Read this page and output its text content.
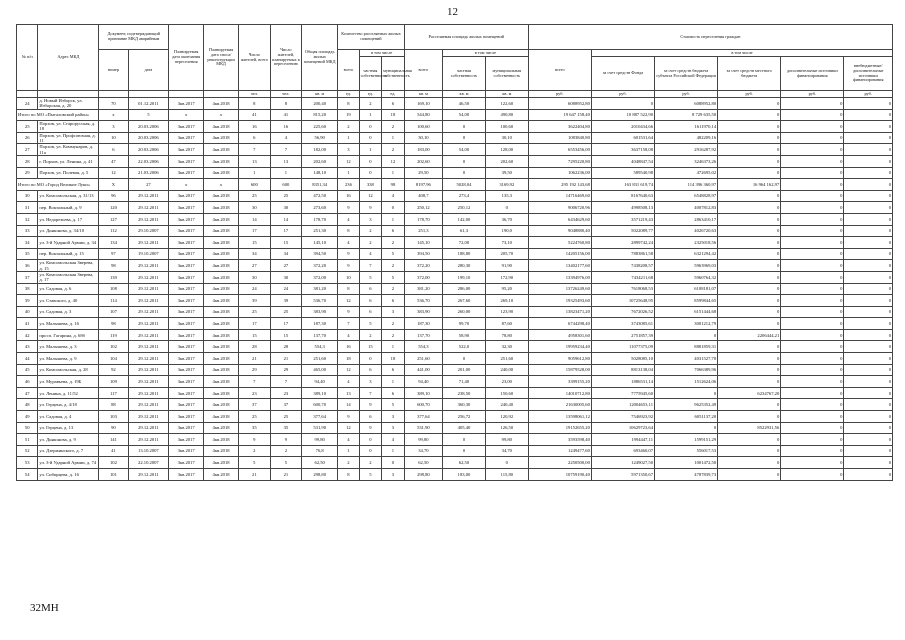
12
№ п/п	Адрес МКД	Документ, подтверждающий признание МКД аварийным		Планируемая дата окончания переселения	Планируемая дата сноса/реконструкции МКД	Число жителей, всего	Число жителей, планируемых к переселению	Общая площадь жилых помещений МКД	Количество расселяемых жилых помещений			Расселяемая площадь жилых помещений			Стоимость переселения граждан					
		номер	дата						всего	в том числе		всего	в том числе		всего	в том числе				
										частная собственность	муниципальная собственность		частная собственность	муниципальная собственность		за счет средств Фонда	за счет средств бюджета субъекта Российской Федерации	за счет средств местного бюджета	дополнительные источники финансирования	внебюджетные/дополнительные источники финансирования
						чел.	чел.	кв. м	ед.	ед.	ед.	кв. м	кв. м	кв. м	руб.	руб.	руб.	руб.	руб.	руб.
24	д. Новый Изборск, ул. Изборская, д. 20	70	01.12.2011	3кв.2017	4кв.2018	8	8	200,40	8	2	6	169,10	46,50	122,60	6088952,80	0	6088952,80	0	0	0
Итого по МО «Пыталовский район»		x	5	x	x	41	41	815,20	19	1	18	544,80	54,00	490,80	19 647 158,40	10 887 522,90	8 729 635,50	0	0	0
25	Порхов, ул. Старорусская, д. 18	3	20.03.2006	3кв.2017	4кв.2018	16	16	225,60	2	0	2	100,60	0	100,60	3622404,80	2010434,66	1611970,14	0	0	0
26	Порхов, ул. Профсоюзная, д. 11	10	20.03.2006	3кв.2017	4кв.2018	6	4	56,90	1	0	1	30,10	0	30,10	1083840,80	601531,64	482209,16	0	0	0
27	Порхов, ул. Коммунаров, д. 11а	6	20.03.2006	3кв.2017	4кв.2018	7	7	182,00	3	1	2	183,00	54,00	128,00	6553456,00	3637158,08	2916287,92	0	0	0
28	г. Порхов, ул. Ленина, д. 41	47	22.03.2006	3кв.2017	4кв.2018	13	13	202,60	12	0	12	202,60	0	202,60	7295220,80	4048847,54	3246373,26	0	0	0
29	Порхов, ул. Полевая, д. 5	12	21.03.2006	3кв.2017	4кв.2018	1	1	148,10	1	0	1	29,50	0	39,50	1062236,00	589540,98	472695,02	0	0	0
Итого по МО «Город Великие Луки»		X	27	x	x	600	600	8351,34	236	338	98	8197,96	5028,04	3169,92	295 192 143,68	163 831 619,74	114 396 360,97	16 964 162,97	0	0
30	ул. Комсомольская, д. 31/13	96	29.12.2011	3кв.2017	4кв.2018	25	25	472,50	16	12	4	408,7	273,4	135,3	14716469,60	8167640,63	6548828,97	0	0	0
31	пер. Вокзальный, д. 9	120	29.12.2011	3кв.2017	4кв.2018	30	30	273,60	9	9	0	250,12	250,12	0	9006720,96	4998508,13	4007812,83	0	0	0
32	ул. Недорезьева, д. 17	127	29.12.2011	3кв.2017	4кв.2018	14	14	178,70	4	3	1	178,70	142,00	36,70	6434629,60	3571219,43	2863410,17	0	0	0
33	ул. Дьяконова, д. 34/10	112	29.10.2007	3кв.2017	4кв.2018	17	17	251,30	8	2	6	251,3	61,3	190,0	9048880,40	5022089,77	4026720,63	0	0	0
34	ул. 3-й Ударной Армии, д. 34	134	29.12.2011	3кв.2017	4кв.2018	15	15	145,10	4	2	2	145,10	72,00	73,10	5224760,80	2899742,24	2325018,56	0	0	0
35	пер. Вокзальный, д. 15	97	19.10.2007	3кв.2017	4кв.2018	34	34	394,50	9	4	5	394,50	188,80	205,70	14205156,00	7883861,58	6321294,42	0	0	0
36	ул. Комсомольская Зверева, д. 15	98	29.12.2011	3кв.2017	4кв.2018	27	27	372,20	9	7	2	372,20	280,30	91,90	13402177,60	7438208,57	5963969,03	0	0	0
37	ул. Комсомольская Зверева, д. 17	139	29.12.2011	3кв.2017	4кв.2018	30	30	372,00	10	5	5	372,00	199,10	172,90	13394976,00	7434211,68	5960764,32	0	0	0
38	ул. Садовая, д. 6	108	29.12.2011	3кв.2017	4кв.2018	24	24	381,20	8	6	2	381,20	286,00	95,20	13726249,60	7618068,53	6108181,07	0	0	0
39	ул. Ставского, д. 40	114	29.12.2011	3кв.2017	4кв.2018	39	39	536,70	12	6	6	536,70	267,60	269,10	19325493,60	10725648,95	8599844,65	0	0	0
40	ул. Садовая, д. 3	107	29.12.2011	3кв.2017	4кв.2018	25	25	383,90	9	6	3	383,90	260,00	123,90	13823471,20	7672026,52	6151444,68	0	0	0
41	ул. Малышева, д. 16	98	29.12.2011	3кв.2017	4кв.2018	17	17	187,30	7	5	2	187,30	99,70	87,60	6744298,40	3743085,61	3001212,79	0	0	0
42	просп. Гагарина, д. 68б	119	29.12.2011	3кв.2017	4кв.2018	15	15	137,70	4	2	2	137,70	58,90	78,80	4958301,60	2751857,39	0	2206444,21	0	0
43	ул. Малышева, д. 3	102	29.12.2011	3кв.2017	4кв.2018	28	28	554,3	16	15	1	554,3	522,0	32,30	19959234,40	11077375,09	8881859,31	0	0	0
44	ул. Малышева, д. 9	104	29.12.2011	3кв.2017	4кв.2018	21	21	251,60	18	0	18	251,60	0	251,60	9059612,80	5028085,10	4031527,70	0	0	0
45	ул. Комсомольская, д. 28	92	29.12.2011	3кв.2017	4кв.2018	29	29	465,00	12	6	6	441,00	201,00	240,00	15879528,00	8813138,04	7066389,96	0	0	0
46	ул. Муравьева, д. 19Б	109	29.12.2011	3кв.2017	4кв.2018	7	7	94,40	4	3	1	94,40	71,40	23,00	3399155,20	1886531,14	1512624,06	0	0	0
47	ул. Ленина, д. 11/52	117	29.12.2011	3кв.2017	4кв.2018	23	23	389,10	13	7	6	389,10	238,50	150,60	14010712,80	7775945,60	0	6234767,20	0	0
48	ул. Герцена, д. 4/18	88	29.12.2011	3кв.2017	4кв.2018	37	37	600,70	14	9	5	600,70	360,30	240,40	21630005,60	12004653,11	9625352,49	0	0	0
49	ул. Садовая, д. 4	103	29.12.2011	3кв.2017	4кв.2018	25	25	377,64	9	6	3	377,64	256,72	120,92	13598061,12	7546923,92	6051137,20	0	0	0
50	ул. Герцена, д. 13	90	29.12.2011	3кв.2017	4кв.2018	35	35	531,90	12	9	3	531,90	405,40	126,50	19152655,20	10629723,64	0	8522931,56	0	0
51	ул. Дьяконова, д. 9	141	29.12.2011	3кв.2017	4кв.2018	9	9	99,80	4	0	4	99,80	0	99,80	3593598,40	1994447,11	1599151,29	0	0	0
52	ул. Дзержинского, д. 7	41	13.10.2007	3кв.2017	4кв.2018	2	2	76,8	1	0	1	34,70	0	34,70	1249477,60	693460,07	556017,53	0	0	0
53	ул. 3-й Ударной Армии, д. 74	102	22.10.2007	3кв.2017	4кв.2018	5	5	62,50	2	2	0	62,50	62,50	0	2250500,00	1249027,50	1001472,50	0	0	0
54	ул. Сибирцева, д. 16	101	29.12.2011	3кв.2017	4кв.2018	21	21	298,80	8	5	3	298,80	183,00	115,80	10759190,40	5971350,67	4787839,73	0	0	0
32МН
